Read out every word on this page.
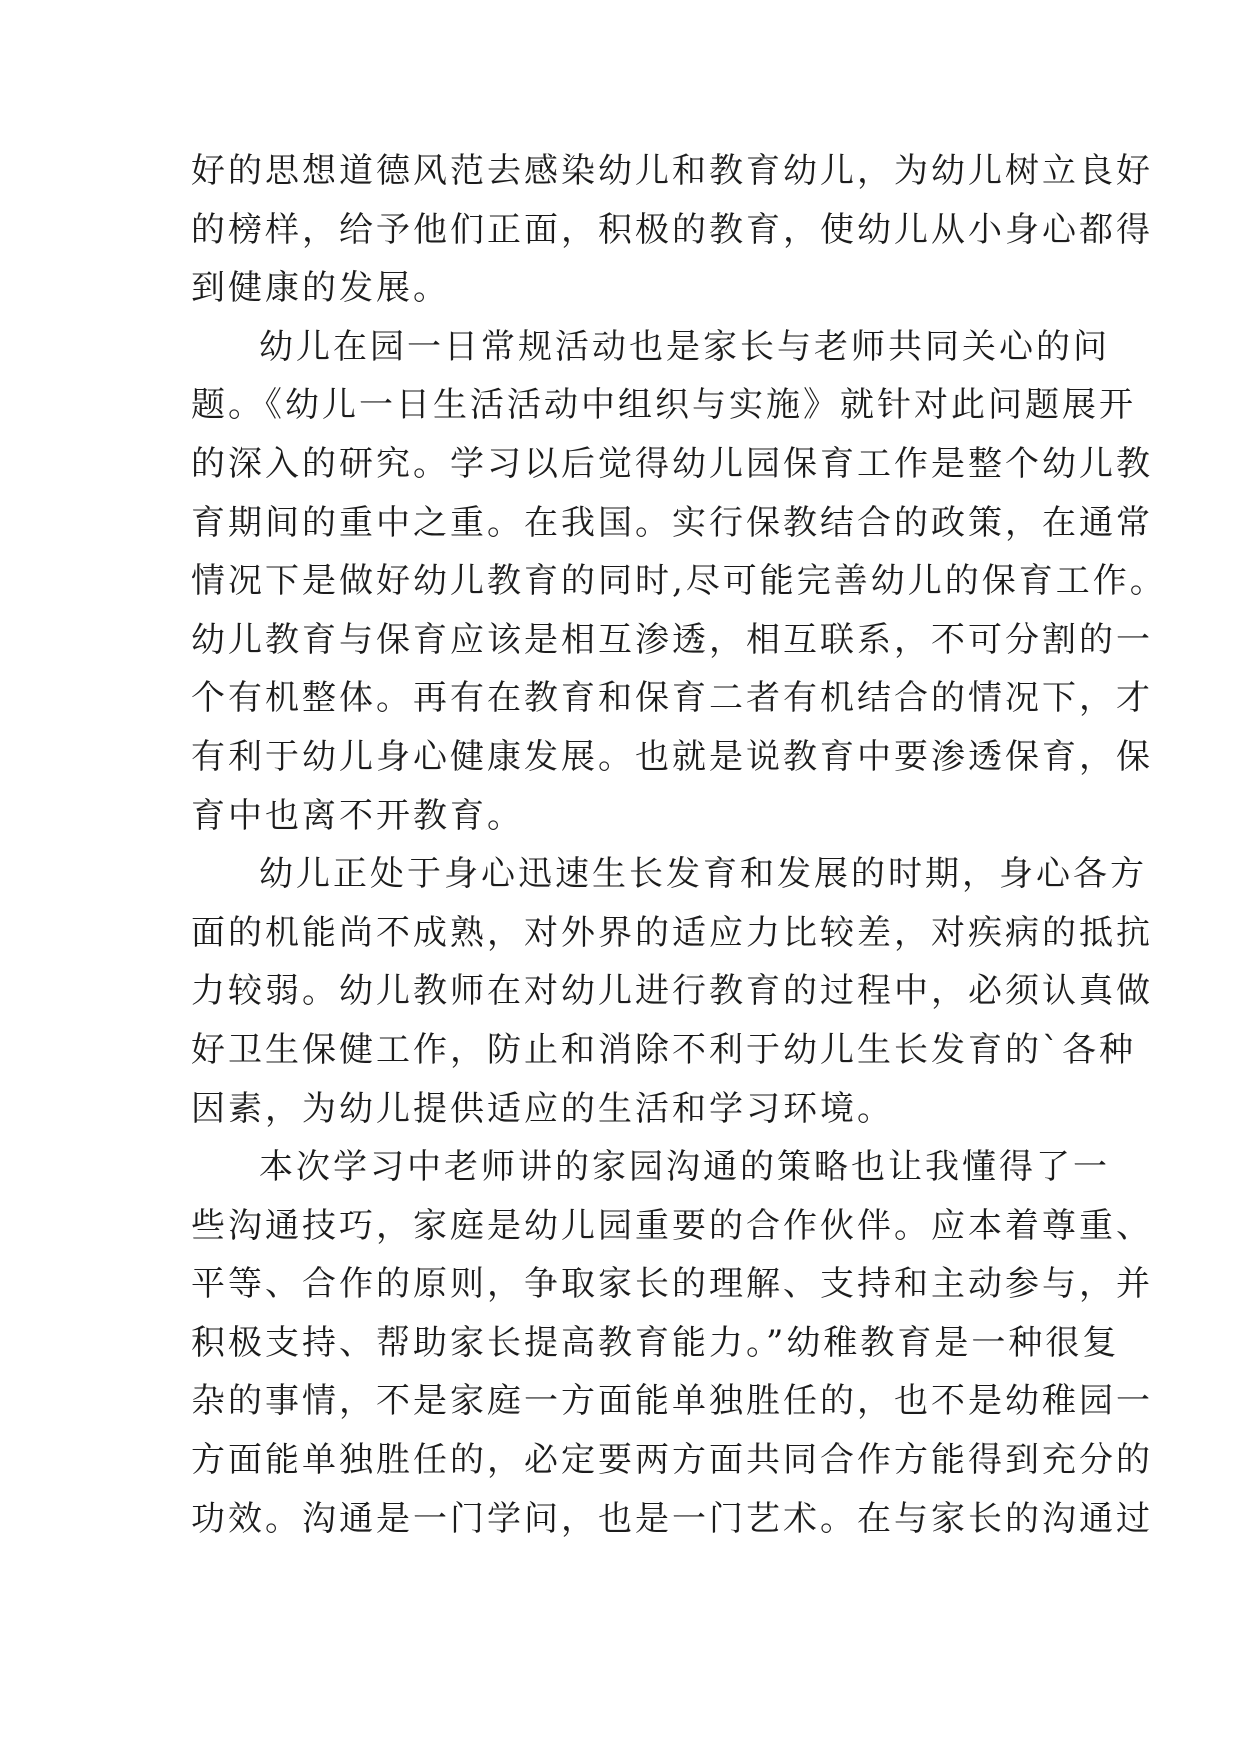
好的思想道德风范去感染幼儿和教育幼儿，为幼儿树立良好
的榜样，给予他们正面，积极的教育，使幼儿从小身心都得
到健康的发展。
幼儿在园一日常规活动也是家长与老师共同关心的问
题。《幼儿一日生活活动中组织与实施》就针对此问题展开
的深入的研究。学习以后觉得幼儿园保育工作是整个幼儿教
育期间的重中之重。在我国。实行保教结合的政策，在通常
情况下是做好幼儿教育的同时,尽可能完善幼儿的保育工作。
幼儿教育与保育应该是相互渗透，相互联系，不可分割的一
个有机整体。再有在教育和保育二者有机结合的情况下，才
有利于幼儿身心健康发展。也就是说教育中要渗透保育，保
育中也离不开教育。
幼儿正处于身心迅速生长发育和发展的时期，身心各方
面的机能尚不成熟，对外界的适应力比较差，对疾病的抵抗
力较弱。幼儿教师在对幼儿进行教育的过程中，必须认真做
好卫生保健工作，防止和消除不利于幼儿生长发育的`各种
因素，为幼儿提供适应的生活和学习环境。
本次学习中老师讲的家园沟通的策略也让我懂得了一
些沟通技巧，家庭是幼儿园重要的合作伙伴。应本着尊重、
平等、合作的原则，争取家长的理解、支持和主动参与，并
积极支持、帮助家长提高教育能力。”幼稚教育是一种很复
杂的事情，不是家庭一方面能单独胜任的，也不是幼稚园一
方面能单独胜任的，必定要两方面共同合作方能得到充分的
功效。沟通是一门学问，也是一门艺术。在与家长的沟通过
